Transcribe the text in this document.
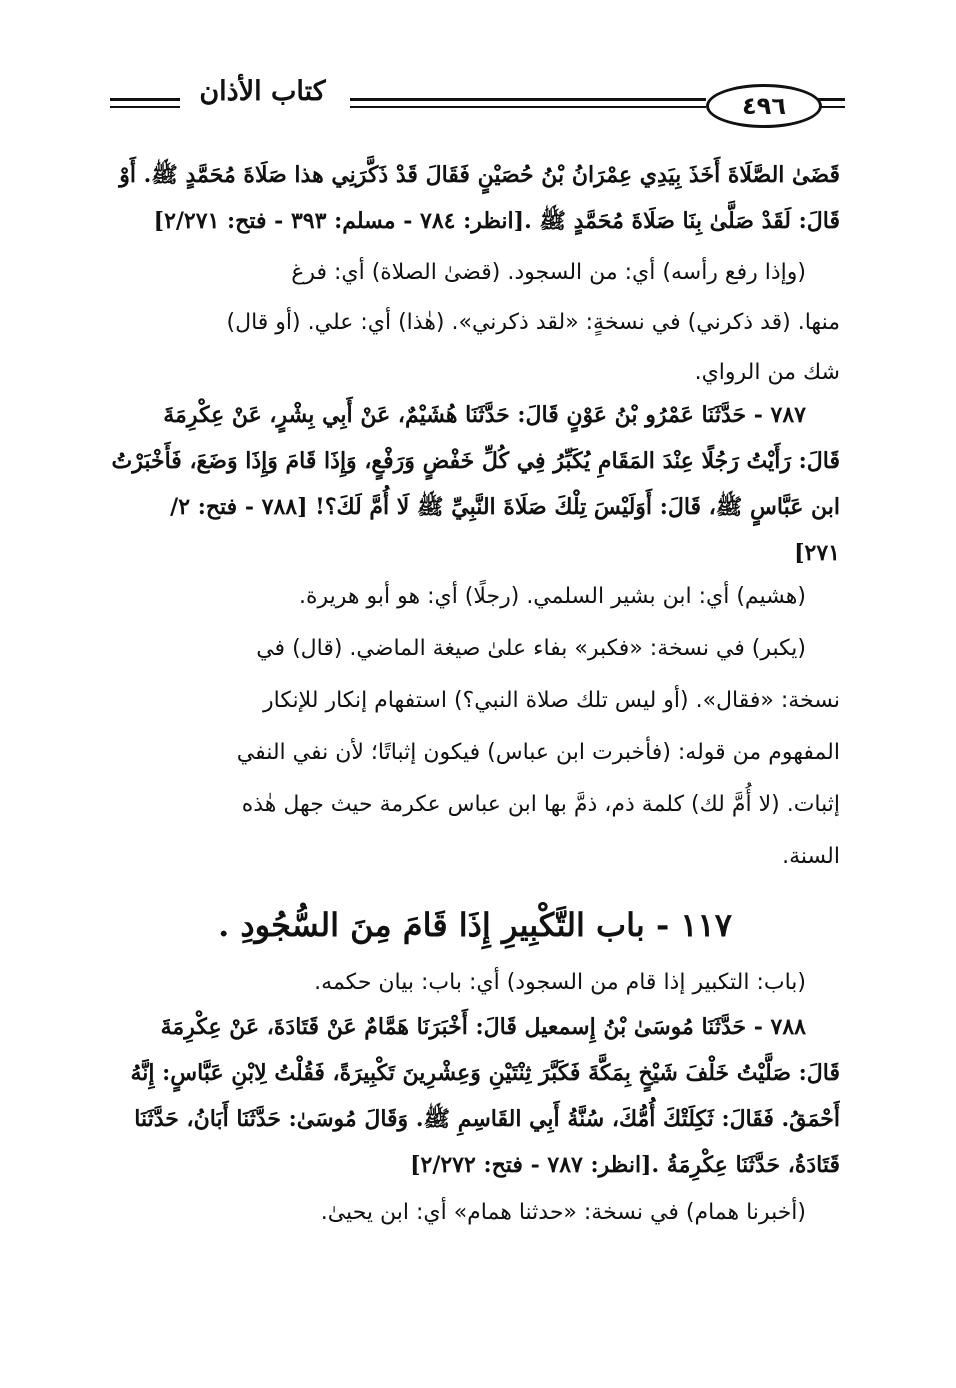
كتاب الأذان	٤٩٦
قَضَىٰ الصَّلَاةَ أَخَذَ بِيَدِي عِمْرَانُ بْنُ حُصَيْنٍ فَقَالَ قَدْ ذَكَّرَنِي هذا صَلَاةَ مُحَمَّدٍ ﷺ. أَوْ
قَالَ: لَقَدْ صَلَّىٰ بِنَا صَلَاةَ مُحَمَّدٍ ﷺ .[انظر: ٧٨٤ - مسلم: ٣٩٣ - فتح: ٢/٢٧١]
(وإذا رفع رأسه) أي: من السجود. (قضىٰ الصلاة) أي: فرغ
منها. (قد ذكرني) في نسخةٍ: «لقد ذكرني». (هٰذا) أي: علي. (أو قال)
شك من الرواي.
٧٨٧ - حَدَّثَنَا عَمْرُو بْنُ عَوْنٍ قَالَ: حَدَّثَنَا هُشَيْمٌ، عَنْ أَبِي بِشْرٍ، عَنْ عِكْرِمَةَ
قَالَ: رَأَيْتُ رَجُلًا عِنْدَ المَقَامِ يُكَبِّرُ فِي كُلِّ خَفْضٍ وَرَفْعٍ، وَإِذَا قَامَ وَإِذَا وَضَعَ، فَأَخْبَرْتُ
ابن عَبَّاسٍ ﷺ، قَالَ: أَوَلَيْسَ تِلْكَ صَلَاةَ النَّبِيِّ ﷺ لَا أُمَّ لَكَ؟! [٧٨٨ - فتح: ٢/
٢٧١]
(هشيم) أي: ابن بشير السلمي. (رجلًا) أي: هو أبو هريرة.
(يكبر) في نسخة: «فكبر» بفاء علىٰ صيغة الماضي. (قال) في
نسخة: «فقال». (أو ليس تلك صلاة النبي؟) استفهام إنكار للإنكار
المفهوم من قوله: (فأخبرت ابن عباس) فيكون إثباتًا؛ لأن نفي النفي
إثبات. (لا أُمَّ لك) كلمة ذم، ذمَّ بها ابن عباس عكرمة حيث جهل هٰذه
السنة.
١١٧ - باب التَّكْبِيرِ إِذَا قَامَ مِنَ السُّجُودِ .
(باب: التكبير إذا قام من السجود) أي: باب: بيان حكمه.
٧٨٨ - حَدَّثَنَا مُوسَىٰ بْنُ إِسمعيل قَالَ: أَخْبَرَنَا هَمَّامٌ عَنْ قَتَادَةَ، عَنْ عِكْرِمَةَ
قَالَ: صَلَّيْتُ خَلْفَ شَيْخٍ بِمَكَّةَ فَكَبَّرَ ثِنْتَيْنِ وَعِشْرِينَ تَكْبِيرَةً، فَقُلْتُ لِابْنِ عَبَّاسٍ: إِنَّهُ
أَحْمَقُ. فَقَالَ: ثَكِلَتْكَ أُمُّكَ، سُنَّةُ أَبِي القَاسِمِ ﷺ. وَقَالَ مُوسَىٰ: حَدَّثَنَا أَبَانُ، حَدَّثَنَا
قَتَادَةُ، حَدَّثَنَا عِكْرِمَةُ .[انظر: ٧٨٧ - فتح: ٢/٢٧٢]
(أخبرنا همام) في نسخة: «حدثنا همام» أي: ابن يحيىٰ.
